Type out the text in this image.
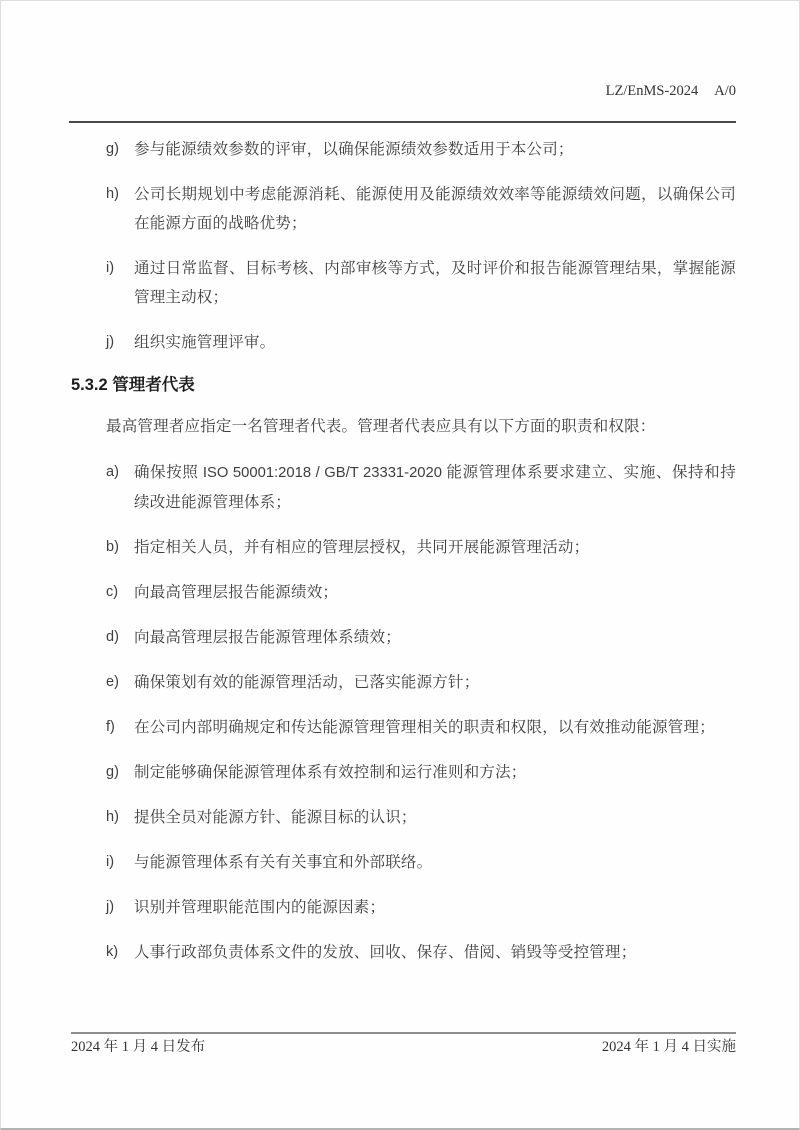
LZ/EnMS-2024 A/0

g) 参与能源绩效参数的评审，以确保能源绩效参数适用于本公司；
h) 公司长期规划中考虑能源消耗、能源使用及能源绩效效率等能源绩效问题，以确保公司在能源方面的战略优势；
i)	通过日常监督、目标考核、内部审核等方式，及时评价和报告能源管理结果，掌握能源管理主动权；
j)	组织实施管理评审。
5.3.2 管理者代表
最高管理者应指定一名管理者代表。管理者代表应具有以下方面的职责和权限：
a) 确保按照 ISO 50001:2018 / GB/T 23331-2020 能源管理体系要求建立、实施、保持和持续改进能源管理体系；
b) 指定相关人员，并有相应的管理层授权，共同开展能源管理活动；
c)	向最高管理层报告能源绩效；
d) 向最高管理层报告能源管理体系绩效；
e) 确保策划有效的能源管理活动，已落实能源方针；
f)	在公司内部明确规定和传达能源管理管理相关的职责和权限，以有效推动能源管理；
g) 制定能够确保能源管理体系有效控制和运行准则和方法；
h) 提供全员对能源方针、能源目标的认识；
i)	与能源管理体系有关有关事宜和外部联络。
j)	识别并管理职能范围内的能源因素；
k)	人事行政部负责体系文件的发放、回收、保存、借阅、销毁等受控管理；
2024 年 1 月 4 日发布	2024 年 1 月 4 日实施
